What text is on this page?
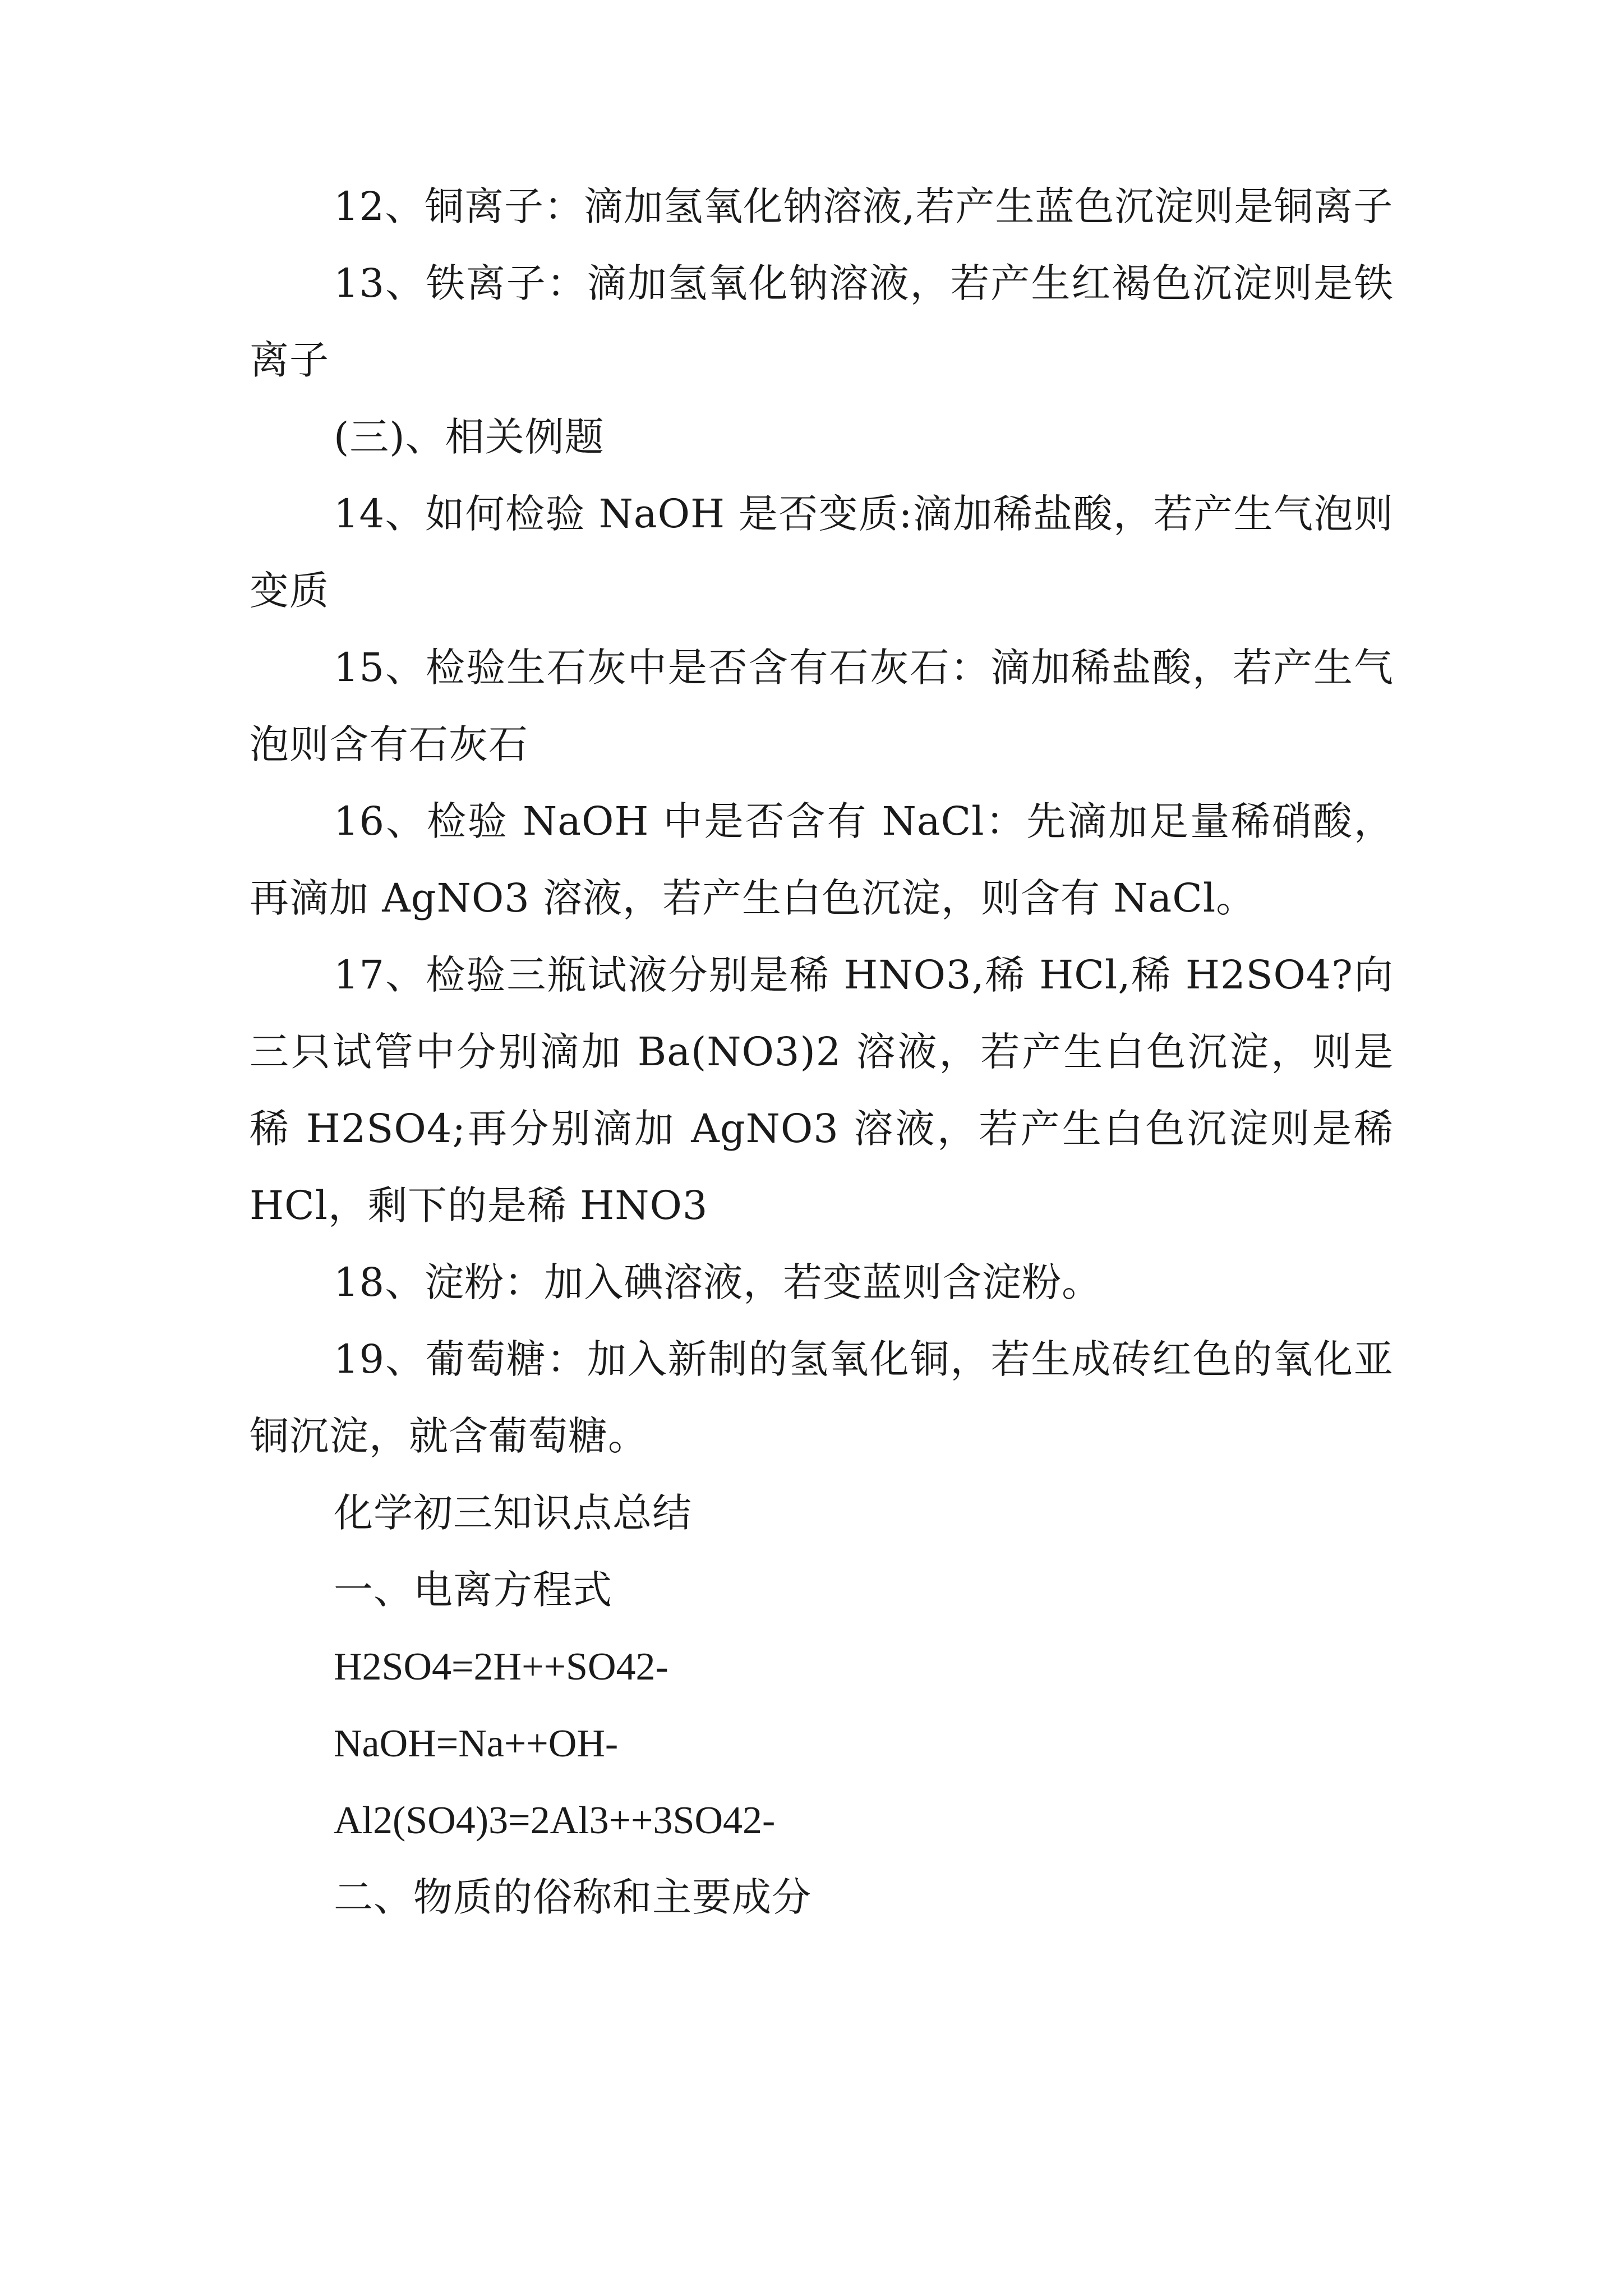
12、铜离子：滴加氢氧化钠溶液,若产生蓝色沉淀则是铜离子

13、铁离子：滴加氢氧化钠溶液，若产生红褐色沉淀则是铁离子

(三)、相关例题

14、如何检验 NaOH 是否变质:滴加稀盐酸，若产生气泡则变质

15、检验生石灰中是否含有石灰石：滴加稀盐酸，若产生气泡则含有石灰石

16、检验 NaOH 中是否含有 NaCl：先滴加足量稀硝酸，再滴加 AgNO3 溶液，若产生白色沉淀，则含有 NaCl。

17、检验三瓶试液分别是稀 HNO3,稀 HCl,稀 H2SO4?向三只试管中分别滴加 Ba(NO3)2 溶液，若产生白色沉淀，则是稀 H2SO4;再分别滴加 AgNO3 溶液，若产生白色沉淀则是稀 HCl，剩下的是稀 HNO3

18、淀粉：加入碘溶液，若变蓝则含淀粉。

19、葡萄糖：加入新制的氢氧化铜，若生成砖红色的氧化亚铜沉淀，就含葡萄糖。

化学初三知识点总结

一、电离方程式

H2SO4=2H++SO42-

NaOH=Na++OH-

Al2(SO4)3=2Al3++3SO42-

二、物质的俗称和主要成分
